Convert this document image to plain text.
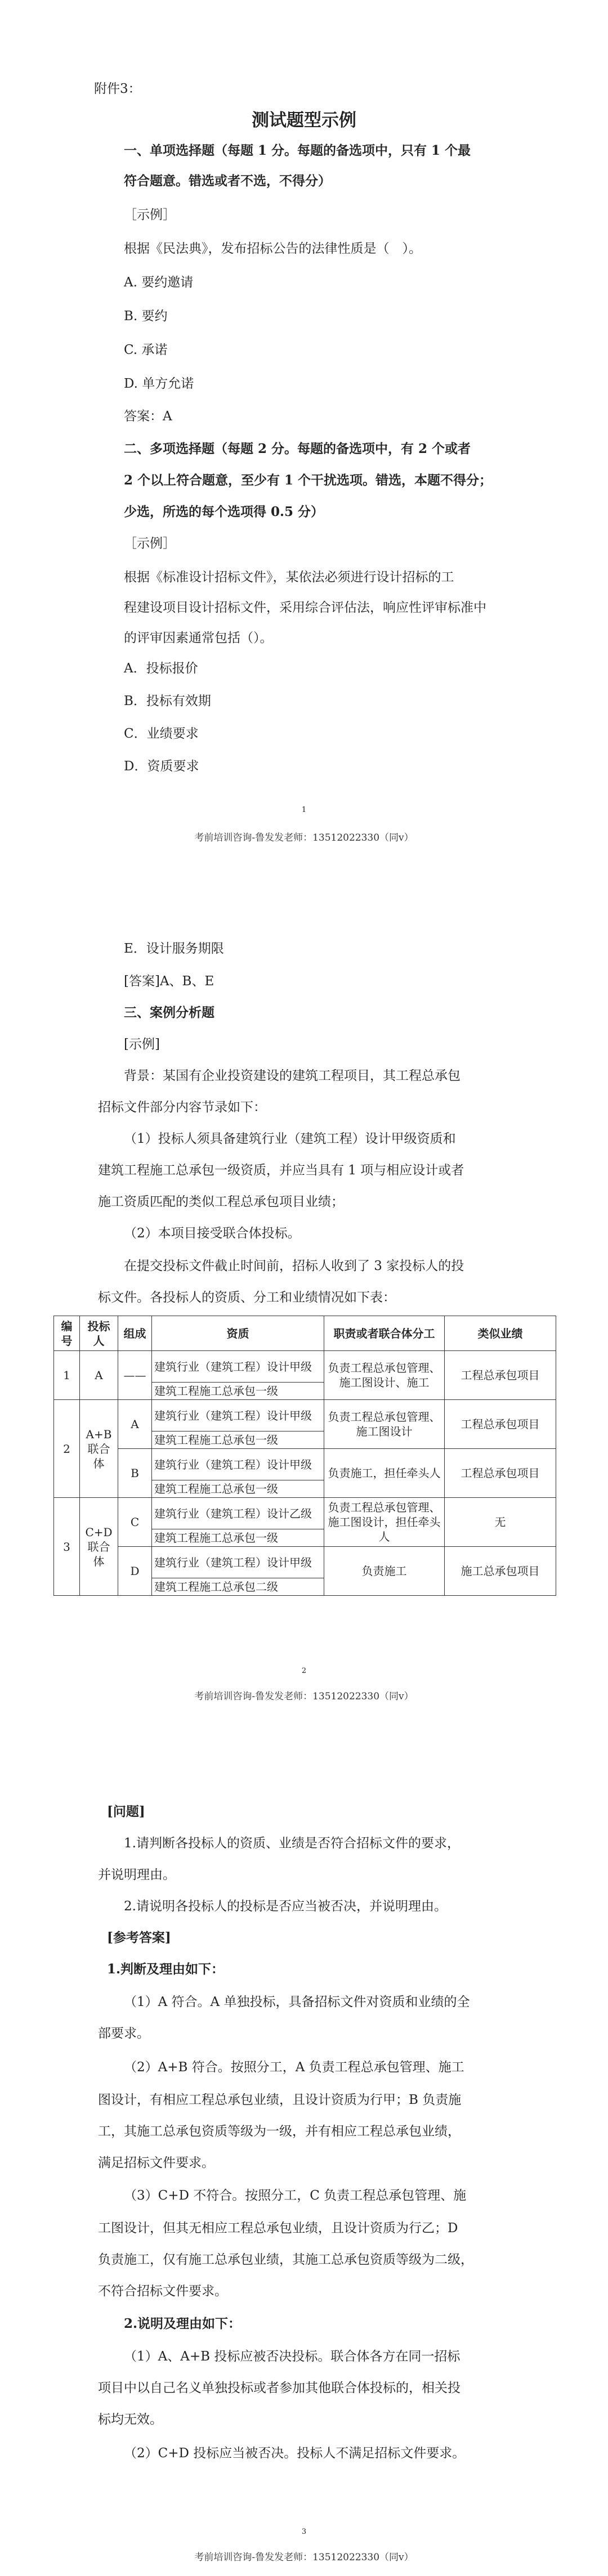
附件3：

测试题型示例

一、单项选择题（每题 1 分。每题的备选项中，只有 1 个最

符合题意。错选或者不选，不得分）

［示例］

根据《民法典》，发布招标公告的法律性质是（　）。

A. 要约邀请

B. 要约

C. 承诺

D. 单方允诺

答案：A

二、多项选择题（每题 2 分。每题的备选项中，有 2 个或者

2 个以上符合题意，至少有 1 个干扰选项。错选，本题不得分；

少选，所选的每个选项得 0.5 分）

［示例］

根据《标准设计招标文件》，某依法必须进行设计招标的工

程建设项目设计招标文件，采用综合评估法，响应性评审标准中

的评审因素通常包括（）。

A．投标报价

B．投标有效期

C．业绩要求

D．资质要求

1

考前培训咨询-鲁发发老师：13512022330（同v）

E．设计服务期限

[答案]A、B、E

三、案例分析题

[示例]

背景：某国有企业投资建设的建筑工程项目，其工程总承包

招标文件部分内容节录如下：

（1）投标人须具备建筑行业（建筑工程）设计甲级资质和

建筑工程施工总承包一级资质，并应当具有 1 项与相应设计或者

施工资质匹配的类似工程总承包项目业绩；

（2）本项目接受联合体投标。

在提交投标文件截止时间前，招标人收到了 3 家投标人的投

标文件。各投标人的资质、分工和业绩情况如下表：

编号	投标人	组成	资质	职责或者联合体分工	类似业绩
1	A	——	建筑行业（建筑工程）设计甲级	负责工程总承包管理、施工图设计、施工	工程总承包项目
			建筑工程施工总承包一级		
2	A+B 联合体	A	建筑行业（建筑工程）设计甲级	负责工程总承包管理、施工图设计	工程总承包项目
			建筑工程施工总承包一级		
		B	建筑行业（建筑工程）设计甲级	负责施工，担任牵头人	工程总承包项目
			建筑工程施工总承包一级		
3	C+D 联合体	C	建筑行业（建筑工程）设计乙级	负责工程总承包管理、施工图设计，担任牵头人	无
			建筑工程施工总承包一级		
		D	建筑行业（建筑工程）设计甲级	负责施工	施工总承包项目
			建筑工程施工总承包二级		

2

考前培训咨询-鲁发发老师：13512022330（同v）

[问题]

1.请判断各投标人的资质、业绩是否符合招标文件的要求，

并说明理由。

2.请说明各投标人的投标是否应当被否决，并说明理由。

[参考答案]

1.判断及理由如下：

（1）A 符合。A 单独投标，具备招标文件对资质和业绩的全

部要求。

（2）A+B 符合。按照分工，A 负责工程总承包管理、施工

图设计，有相应工程总承包业绩，且设计资质为行甲；B 负责施

工，其施工总承包资质等级为一级，并有相应工程总承包业绩，

满足招标文件要求。

（3）C+D 不符合。按照分工，C 负责工程总承包管理、施

工图设计，但其无相应工程总承包业绩，且设计资质为行乙；D

负责施工，仅有施工总承包业绩，其施工总承包资质等级为二级，

不符合招标文件要求。

2.说明及理由如下：

（1）A、A+B 投标应被否决投标。联合体各方在同一招标

项目中以自己名义单独投标或者参加其他联合体投标的，相关投

标均无效。

（2）C+D 投标应当被否决。投标人不满足招标文件要求。

3

考前培训咨询-鲁发发老师：13512022330（同v）
